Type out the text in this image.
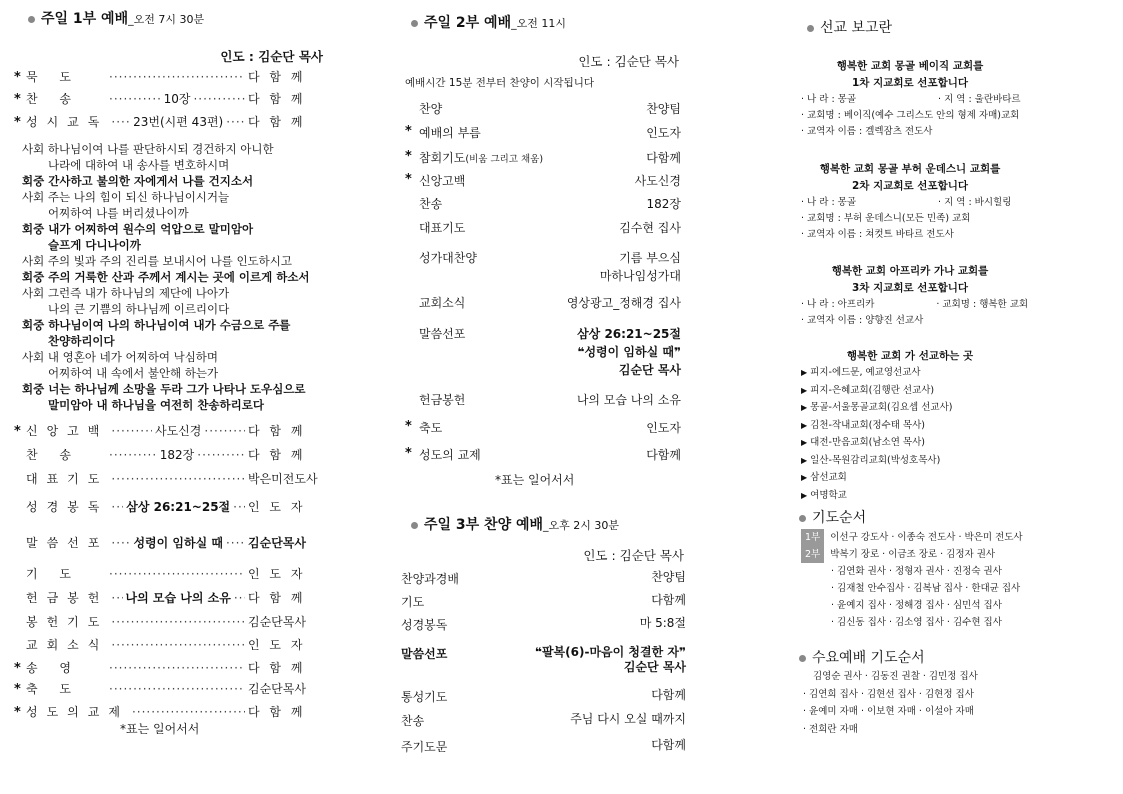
주일 1부 예배_오전 7시 30분
인도 : 김순단 목사
* 묵 도 ·····	다 함 께
* 찬 송 ·····	10장 ·····	다 함 께
* 성시교독 ····· 23번(시편 43편) ····· 다 함 께
사회 하나님이여 나를 판단하시되 경건하지 아니한
나라에 대하여 내 송사를 변호하시며
회중 간사하고 불의한 자에게서 나를 건지소서
사회 주는 나의 힘이 되신 하나님이시거늘
어찌하여 나를 버리셨나이까
회중 내가 어찌하여 원수의 억압으로 말미암아
슬프게 다니나이까
사회 주의 빛과 주의 진리를 보내시어 나를 인도하시고
회중 주의 거룩한 산과 주께서 계시는 곳에 이르게 하소서
사회 그런즉 내가 하나님의 제단에 나아가
나의 큰 기쁨의 하나님께 이르리이다
회중 하나님이여 나의 하나님이여 내가 수금으로 주를
찬양하리이다
사회 내 영혼아 네가 어찌하여 낙심하며
어찌하여 내 속에서 불안해 하는가
회중 너는 하나님께 소망을 두라 그가 나타나 도우심으로
말미암아 내 하나님을 여전히 찬송하리로다
* 신앙고백 ·····	사도신경 ·····	다 함 께
찬 송 ·····	182장 ·····	다 함 께
대표기도 ·····	박은미전도사
성경봉독 ····· 삼상 26:21~25절 ····· 인 도 자
말씀선포 ····· 성령이 임하실 때 ····· 김순단목사
기 도 ·····	인 도 자
헌금봉헌 ····· 나의 모습 나의 소유 ····· 다 함 께
봉헌기도 ·····	김순단목사
교회소식 ·····	인 도 자
* 송 영 ·····	다 함 께
* 축 도 ·····	김순단목사
* 성도의교제 ·····	다 함 께
*표는 일어서서
주일 2부 예배_오전 11시
인도 : 김순단 목사
예배시간 15분 전부터 찬양이 시작됩니다
찬양	찬양팀
* 예배의 부름	인도자
* 참회기도(비움 그리고 채움)	다함께
* 신앙고백	사도신경
찬송	182장
대표기도	김수현 집사
성가대찬양	기름 부으심
마하나임성가대
교회소식	영상광고_정해경 집사
말씀선포	삼상 26:21~25절
❝성령이 임하실 때❞
김순단 목사
헌금봉헌	나의 모습 나의 소유
* 축도	인도자
* 성도의 교제	다함께
*표는 일어서서
주일 3부 찬양 예배_오후 2시 30분
인도 : 김순단 목사
찬양과경배	찬양팀
기도	다함께
성경봉독	마 5:8절
말씀선포	❝팔복(6)-마음이 청결한 자❞
김순단 목사
통성기도	다함께
찬송	주님 다시 오실 때까지
주기도문	다함께
선교 보고란
행복한 교회 몽골 베이직 교회를
1차 지교회로 선포합니다
· 나 라 : 몽골	· 지 역 : 울란바타르
· 교회명 : 베이직(예수 그리스도 안의 형제 자매)교회
· 교역자 이름 : 겔렉잠츠 전도사
행복한 교회 몽골 부허 운데스니 교회를
2차 지교회로 선포합니다
· 나 라 : 몽골	· 지 역 : 바시힐링
· 교회명 : 부허 운데스니(모든 민족) 교회
· 교역자 이름 : 쳐컷트 바타르 전도사
행복한 교회 아프리카 가나 교회를
3차 지교회로 선포합니다
· 나 라 : 아프리카	· 교회명 : 행복한 교회
· 교역자 이름 : 양향진 선교사
행복한 교회 가 선교하는 곳
▶ 피지-에드문, 예교영선교사
▶ 피지-은혜교회(김행란 선교사)
▶ 몽골-서울몽골교회(김요셉 선교사)
▶ 김천-작내교회(정수태 목사)
▶ 대전-만음교회(남소연 목사)
▶ 일산-목원감리교회(박성호목사)
▶ 삼선교회
▶ 여명학교
기도순서
1부 이선구 강도사 · 이종숙 전도사 · 박은미 전도사
2부 박복기 장로 · 이금조 장로 · 김정자 권사
· 김연화 권사 · 정형자 권사 · 진정숙 권사
· 김재철 안수집사 · 김복남 집사 · 한대균 집사
· 윤예지 집사 · 정해경 집사 · 심민석 집사
· 김신동 집사 · 김소영 집사 · 김수현 집사
수요예배 기도순서
김영순 권사 · 김동진 권찰 · 김민정 집사
· 김연희 집사 · 김현선 집사 · 김현정 집사
· 윤예미 자매 · 이보현 자매 · 이설아 자매
· 전희란 자매
